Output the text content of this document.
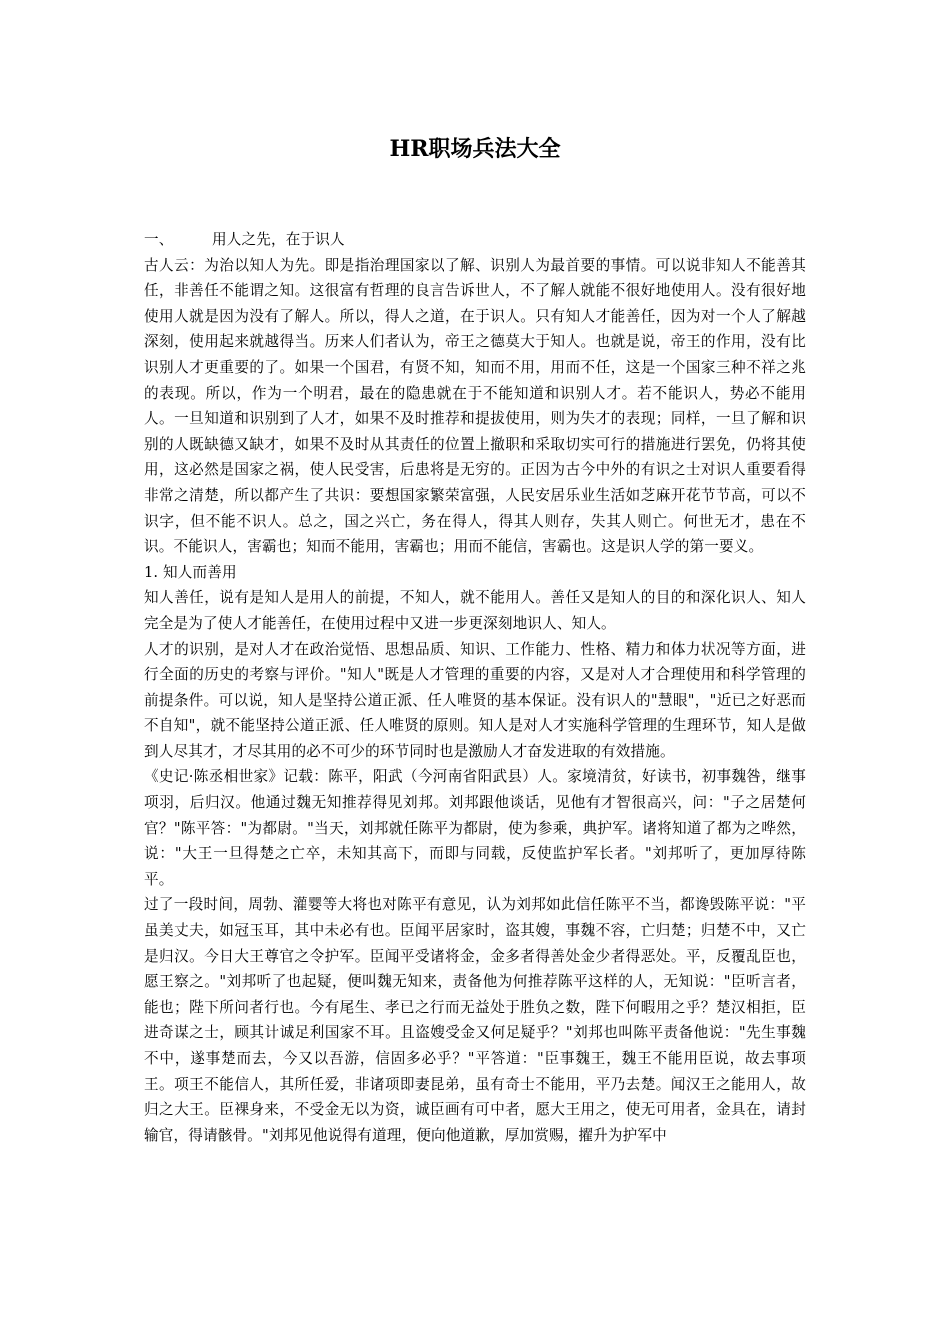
HR职场兵法大全

一、	用人之先，在于识人

古人云：为治以知人为先。即是指治理国家以了解、识别人为最首要的事情。可以说非知人不能善其任，非善任不能谓之知。这很富有哲理的良言告诉世人，不了解人就能不很好地使用人。没有很好地使用人就是因为没有了解人。所以，得人之道，在于识人。只有知人才能善任，因为对一个人了解越深刻，使用起来就越得当。历来人们者认为，帝王之德莫大于知人。也就是说，帝王的作用，没有比识别人才更重要的了。如果一个国君，有贤不知，知而不用，用而不任，这是一个国家三种不祥之兆的表现。所以，作为一个明君，最在的隐患就在于不能知道和识别人才。若不能识人，势必不能用人。一旦知道和识别到了人才，如果不及时推荐和提拔使用，则为失才的表现；同样，一旦了解和识别的人既缺德又缺才，如果不及时从其责任的位置上撤职和采取切实可行的措施进行罢免，仍将其使用，这必然是国家之祸，使人民受害，后患将是无穷的。正因为古今中外的有识之士对识人重要看得非常之清楚，所以都产生了共识：要想国家繁荣富强，人民安居乐业生活如芝麻开花节节高，可以不识字，但不能不识人。总之，国之兴亡，务在得人，得其人则存，失其人则亡。何世无才，患在不识。不能识人，害霸也；知而不能用，害霸也；用而不能信，害霸也。这是识人学的第一要义。

1. 知人而善用

知人善任，说有是知人是用人的前提，不知人，就不能用人。善任又是知人的目的和深化识人、知人完全是为了使人才能善任，在使用过程中又进一步更深刻地识人、知人。

人才的识别，是对人才在政治觉悟、思想品质、知识、工作能力、性格、精力和体力状况等方面，进行全面的历史的考察与评价。"知人"既是人才管理的重要的内容，又是对人才合理使用和科学管理的前提条件。可以说，知人是坚持公道正派、任人唯贤的基本保证。没有识人的"慧眼"，"近已之好恶而不自知"，就不能坚持公道正派、任人唯贤的原则。知人是对人才实施科学管理的生理环节，知人是做到人尽其才，才尽其用的必不可少的环节同时也是激励人才奋发进取的有效措施。

《史记·陈丞相世家》记载：陈平，阳武（今河南省阳武县）人。家境清贫，好读书，初事魏咎，继事项羽，后归汉。他通过魏无知推荐得见刘邦。刘邦跟他谈话，见他有才智很高兴，问："子之居楚何官？"陈平答："为都尉。"当天，刘邦就任陈平为都尉，使为参乘，典护军。诸将知道了都为之哗然，说："大王一旦得楚之亡卒，未知其高下，而即与同载，反使监护军长者。"刘邦听了，更加厚待陈平。

过了一段时间，周勃、灌婴等大将也对陈平有意见，认为刘邦如此信任陈平不当，都谗毁陈平说："平虽美丈夫，如冠玉耳，其中未必有也。臣闻平居家时，盗其嫂，事魏不容，亡归楚；归楚不中，又亡是归汉。今日大王尊官之令护军。臣闻平受诸将金，金多者得善处金少者得恶处。平，反覆乱臣也，愿王察之。"刘邦听了也起疑，便叫魏无知来，责备他为何推荐陈平这样的人，无知说："臣听言者，能也；陛下所问者行也。今有尾生、孝已之行而无益处于胜负之数，陛下何暇用之乎？楚汉相拒，臣进奇谋之士，顾其计诚足利国家不耳。且盗嫂受金又何足疑乎？"刘邦也叫陈平责备他说："先生事魏不中，遂事楚而去，今又以吾游，信固多必乎？"平答道："臣事魏王，魏王不能用臣说，故去事项王。项王不能信人，其所任爱，非诸项即妻昆弟，虽有奇士不能用，平乃去楚。闻汉王之能用人，故归之大王。臣裸身来，不受金无以为资，诚臣画有可中者，愿大王用之，使无可用者，金具在，请封输官，得请骸骨。"刘邦见他说得有道理，便向他道歉，厚加赏赐，擢升为护军中
